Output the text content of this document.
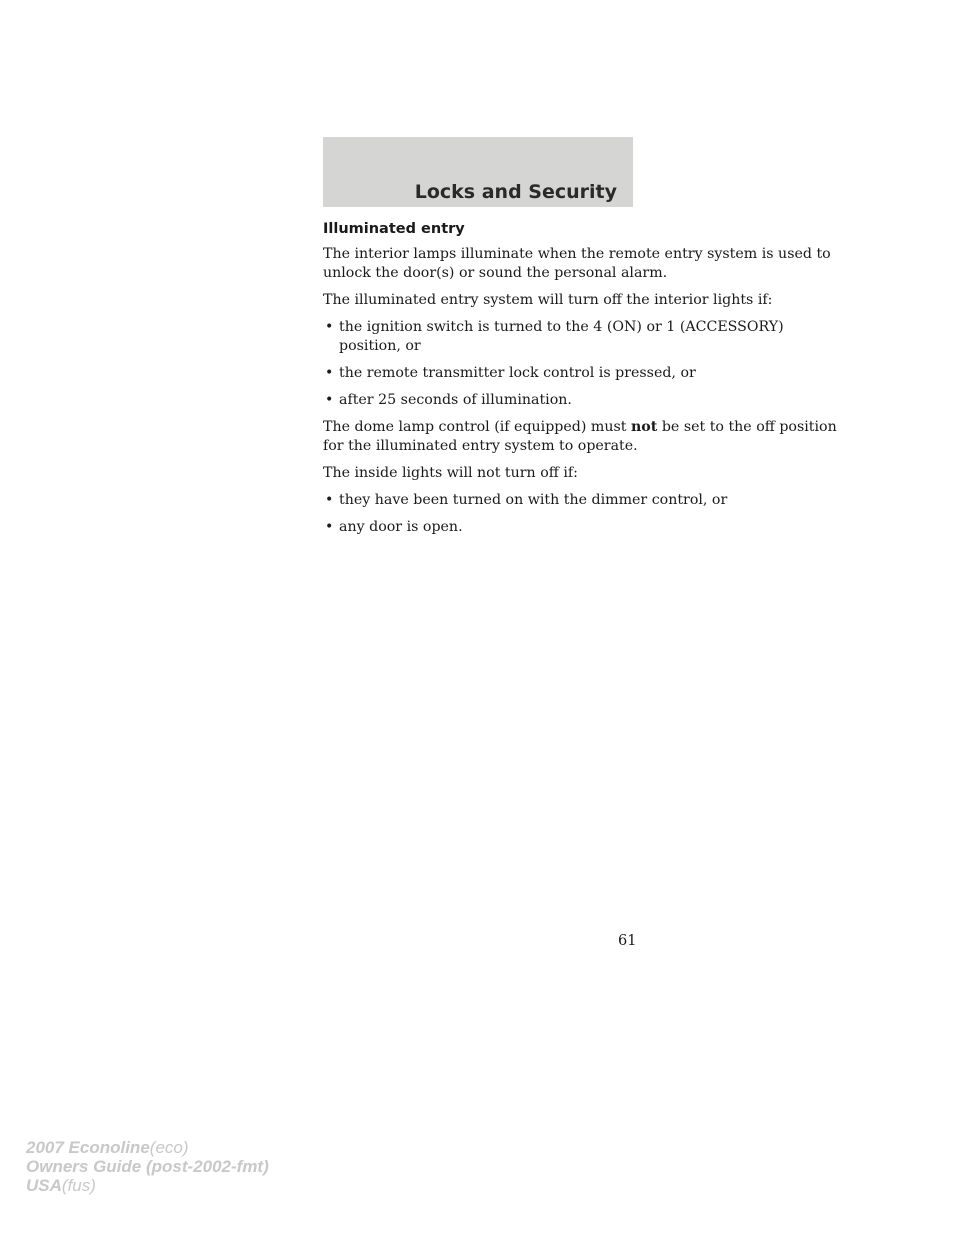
Locks and Security
Illuminated entry
The interior lamps illuminate when the remote entry system is used to
unlock the door(s) or sound the personal alarm.
The illuminated entry system will turn off the interior lights if:
• the ignition switch is turned to the 4 (ON) or 1 (ACCESSORY)
position, or
• the remote transmitter lock control is pressed, or
• after 25 seconds of illumination.
The dome lamp control (if equipped) must not be set to the off position
for the illuminated entry system to operate.
The inside lights will not turn off if:
• they have been turned on with the dimmer control, or
• any door is open.
61
2007 Econoline(eco)
Owners Guide (post-2002-fmt)
USA(fus)
